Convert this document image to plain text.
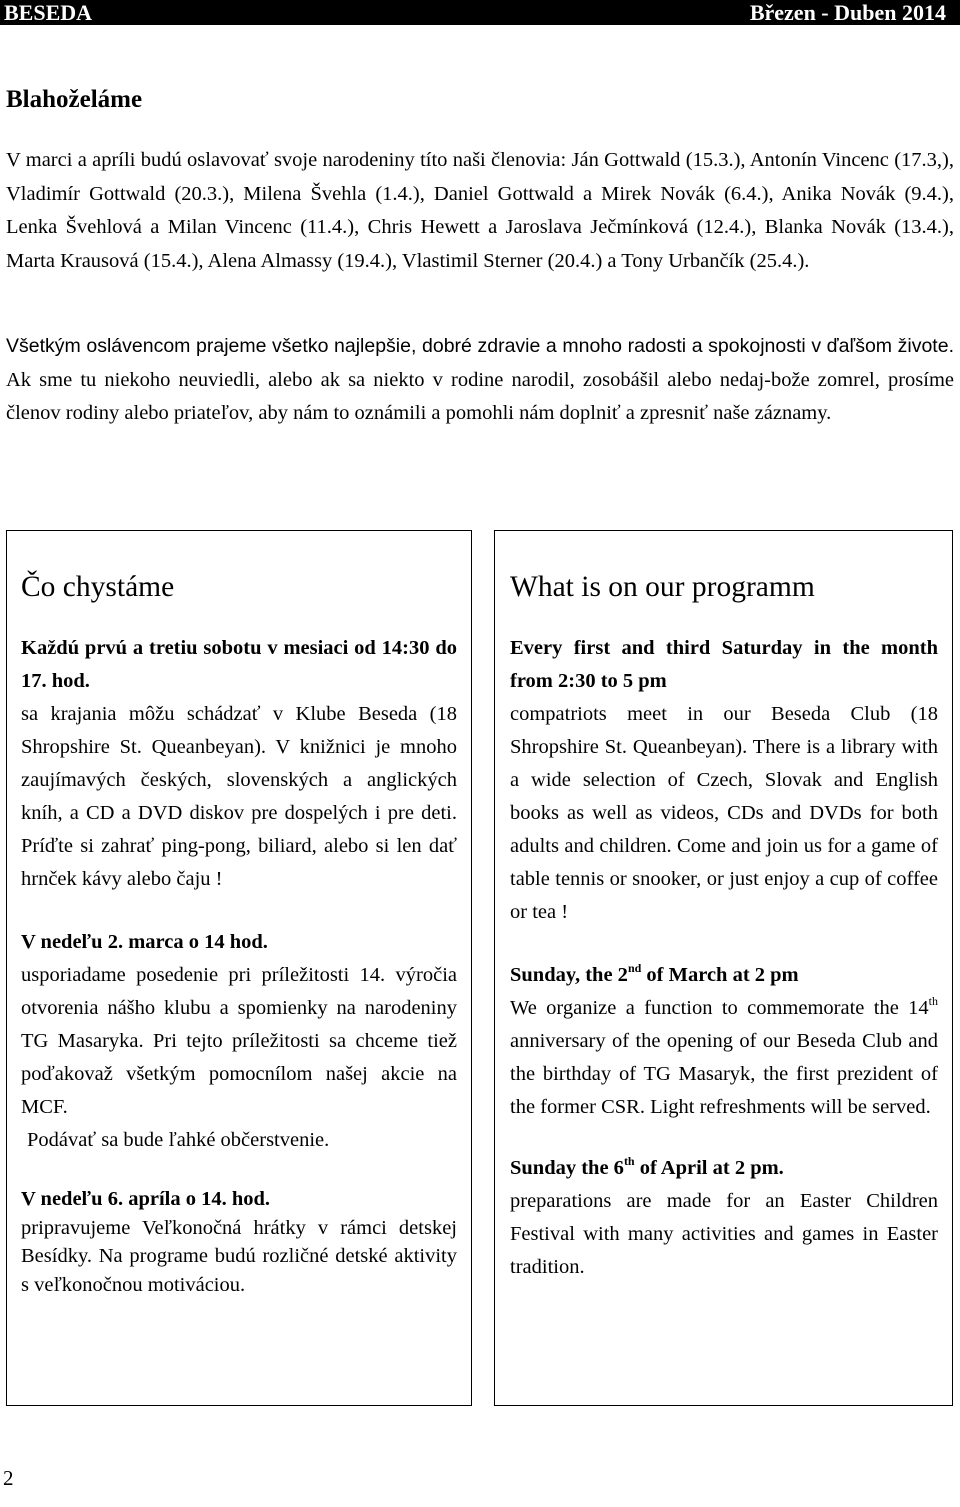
BESEDA	Březen - Duben 2014
Blahoželáme

V marci a apríli budú oslavovať svoje narodeniny títo naši členovia: Ján Gottwald (15.3.), Antonín Vincenc (17.3,), Vladimír Gottwald (20.3.), Milena Švehla (1.4.), Daniel Gottwald a Mirek Novák (6.4.), Anika Novák (9.4.), Lenka Švehlová a Milan Vincenc (11.4.), Chris Hewett a Jaroslava Ječmínková (12.4.), Blanka Novák (13.4.), Marta Krausová (15.4.), Alena Almassy (19.4.), Vlastimil Sterner (20.4.) a Tony Urbančík (25.4.).

Všetkým oslávencom prajeme všetko najlepšie, dobré zdravie a mnoho radosti a spokojnosti v ďaľšom živote. Ak sme tu niekoho neuviedli, alebo ak sa niekto v rodine narodil, zosobášil alebo nedaj-bože zomrel, prosíme členov rodiny alebo priateľov, aby nám to oznámili a pomohli nám doplniť a zpresniť naše záznamy.

Čo chystáme

Každú prvú a tretiu sobotu v mesiaci od 14:30 do 17. hod.

sa krajania môžu schádzať v Klube Beseda (18 Shropshire St. Queanbeyan). V knižnici je mnoho zaujímavých českých, slovenských a anglických kníh, a CD a DVD diskov pre dospelých i pre deti. Príďte si zahrať ping-pong, biliard, alebo si len dať hrnček kávy alebo čaju !

V nedeľu 2. marca o 14 hod.

usporiadame posedenie pri príležitosti 14. výročia otvorenia nášho klubu a spomienky na narodeniny TG Masaryka. Pri tejto príležitosti sa chceme tiež poďakovaž všetkým pomocnílom našej akcie na MCF.

Podávať sa bude ľahké občerstvenie.

V nedeľu 6. apríla o 14. hod.

pripravujeme Veľkonočná hrátky v rámci detskej Besídky. Na programe budú rozličné detské aktivity s veľkonočnou motiváciou.

What is on our programm

Every first and third Saturday in the month from 2:30 to 5 pm

compatriots meet in our Beseda Club (18 Shropshire St. Queanbeyan). There is a library with a wide selection of Czech, Slovak and English books as well as videos, CDs and DVDs for both adults and children. Come and join us for a game of table tennis or snooker, or just enjoy a cup of coffee or tea !

Sunday, the 2nd of March at 2 pm

We organize a function to commemorate the 14th anniversary of the opening of our Beseda Club and the birthday of TG Masaryk, the first prezident of the former CSR. Light refreshments will be served.

Sunday the 6th of April at 2 pm.

preparations are made for an Easter Children Festival with many activities and games in Easter tradition.

2
